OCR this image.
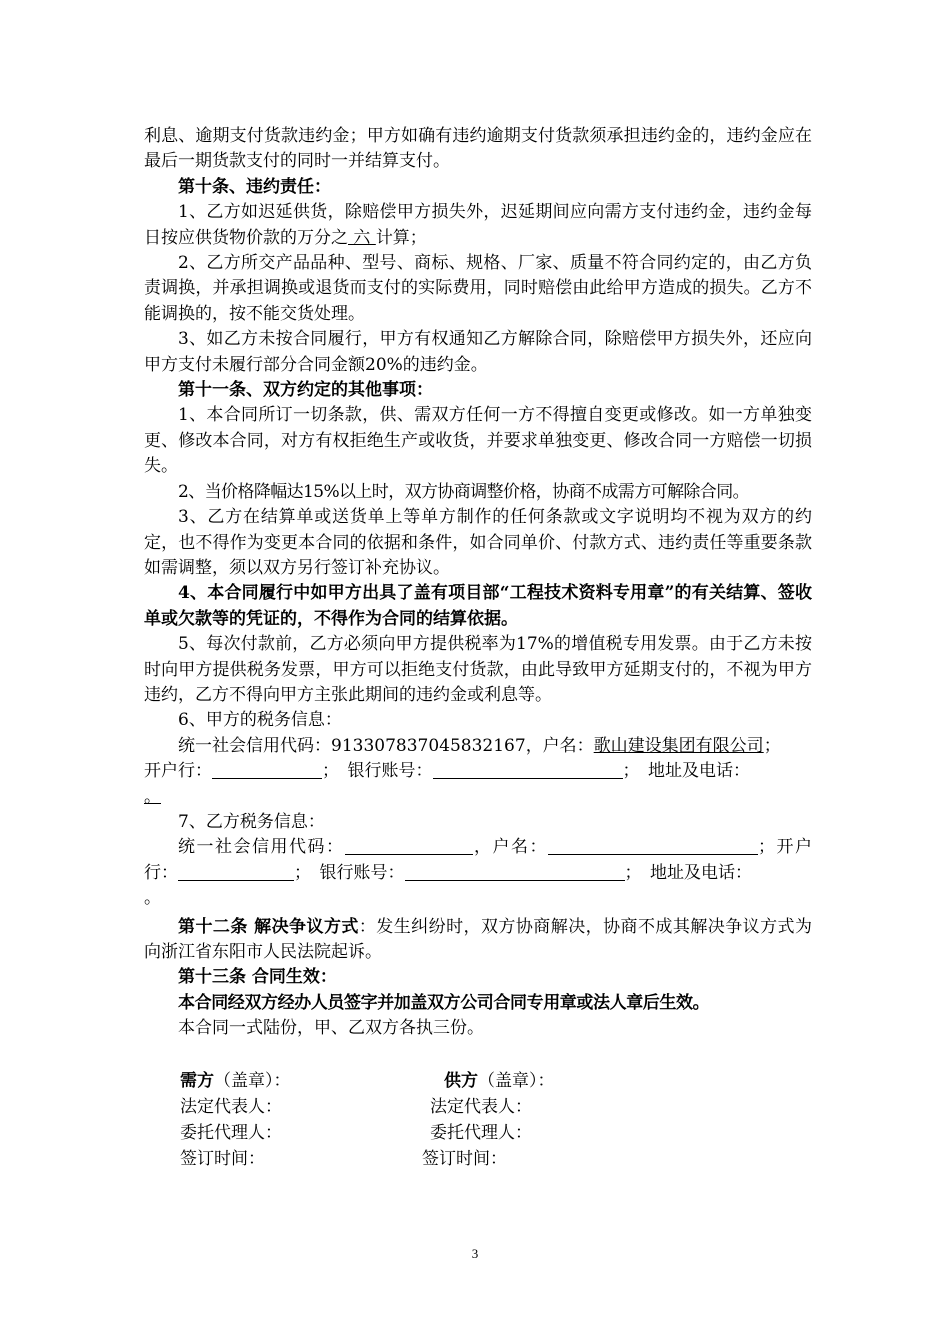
利息、逾期支付货款违约金；甲方如确有违约逾期支付货款须承担违约金的，违约金应在最后一期货款支付的同时一并结算支付。

第十条、违约责任：

1、乙方如迟延供货，除赔偿甲方损失外，迟延期间应向需方支付违约金，违约金每日按应供货物价款的万分之 六 计算；

2、乙方所交产品品种、型号、商标、规格、厂家、质量不符合同约定的，由乙方负责调换，并承担调换或退货而支付的实际费用，同时赔偿由此给甲方造成的损失。乙方不能调换的，按不能交货处理。

3、如乙方未按合同履行，甲方有权通知乙方解除合同，除赔偿甲方损失外，还应向甲方支付未履行部分合同金额20%的违约金。

第十一条、双方约定的其他事项：

1、本合同所订一切条款，供、需双方任何一方不得擅自变更或修改。如一方单独变更、修改本合同，对方有权拒绝生产或收货，并要求单独变更、修改合同一方赔偿一切损失。

2、当价格降幅达15%以上时，双方协商调整价格，协商不成需方可解除合同。

3、乙方在结算单或送货单上等单方制作的任何条款或文字说明均不视为双方的约定，也不得作为变更本合同的依据和条件，如合同单价、付款方式、违约责任等重要条款如需调整，须以双方另行签订补充协议。

4、本合同履行中如甲方出具了盖有项目部“工程技术资料专用章”的有关结算、签收单或欠款等的凭证的，不得作为合同的结算依据。

5、每次付款前，乙方必须向甲方提供税率为17%的增值税专用发票。由于乙方未按时向甲方提供税务发票，甲方可以拒绝支付货款，由此导致甲方延期支付的，不视为甲方违约，乙方不得向甲方主张此期间的违约金或利息等。

6、甲方的税务信息：

统一社会信用代码：913307837045832167，户名：歌山建设集团有限公司；
开户行：	；　银行账号：	；　地址及电话：
。

7、乙方税务信息：

统一社会信用代码：	，户名：	；开户行：	；　银行账号：	；　地址及电话：
。

第十二条 解决争议方式：发生纠纷时，双方协商解决，协商不成其解决争议方式为向浙江省东阳市人民法院起诉。

第十三条 合同生效：

本合同经双方经办人员签字并加盖双方公司合同专用章或法人章后生效。

本合同一式陆份，甲、乙双方各执三份。

需方（盖章）：	供方（盖章）：
法定代表人：	法定代表人：
委托代理人：	委托代理人：
签订时间：	签订时间：
3
